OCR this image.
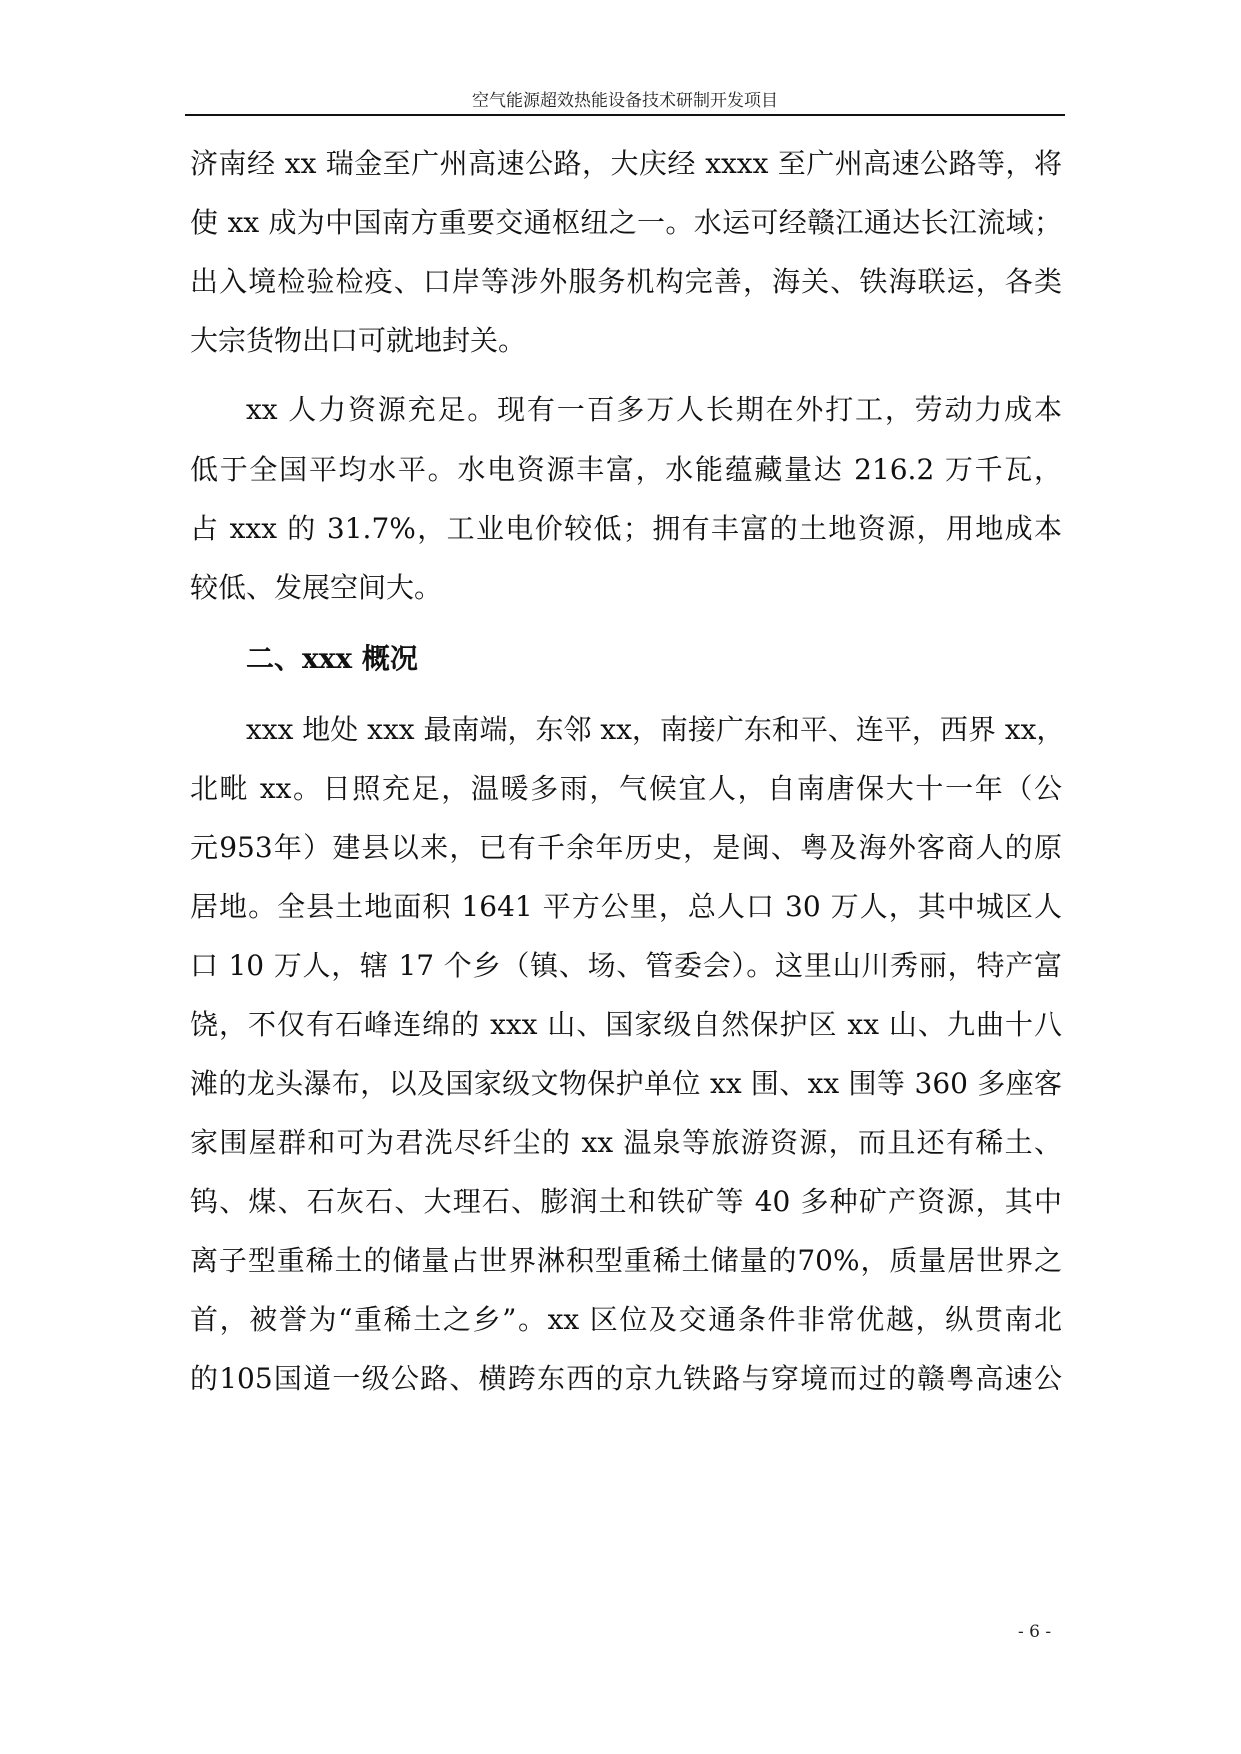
空气能源超效热能设备技术研制开发项目
济南经 xx 瑞金至广州高速公路，大庆经 xxxx 至广州高速公路等，将
使 xx 成为中国南方重要交通枢纽之一。水运可经赣江通达长江流域；
出入境检验检疫、口岸等涉外服务机构完善，海关、铁海联运，各类
大宗货物出口可就地封关。
xx 人力资源充足。现有一百多万人长期在外打工，劳动力成本
低于全国平均水平。水电资源丰富，水能蕴藏量达 216.2 万千瓦，
占 xxx 的 31.7%，工业电价较低；拥有丰富的土地资源，用地成本
较低、发展空间大。
二、xxx 概况
xxx 地处 xxx 最南端，东邻 xx，南接广东和平、连平，西界 xx，
北毗 xx。日照充足，温暖多雨，气候宜人，自南唐保大十一年（公
元953年）建县以来，已有千余年历史，是闽、粤及海外客商人的原
居地。全县土地面积 1641 平方公里，总人口 30 万人，其中城区人
口 10 万人，辖 17 个乡（镇、场、管委会）。这里山川秀丽，特产富
饶，不仅有石峰连绵的 xxx 山、国家级自然保护区 xx 山、九曲十八
滩的龙头瀑布，以及国家级文物保护单位 xx 围、xx 围等 360 多座客
家围屋群和可为君洗尽纤尘的 xx 温泉等旅游资源，而且还有稀土、
钨、煤、石灰石、大理石、膨润土和铁矿等 40 多种矿产资源，其中
离子型重稀土的储量占世界淋积型重稀土储量的70%，质量居世界之
首，被誉为“重稀土之乡”。xx 区位及交通条件非常优越，纵贯南北
的105国道一级公路、横跨东西的京九铁路与穿境而过的赣粤高速公
- 6 -
